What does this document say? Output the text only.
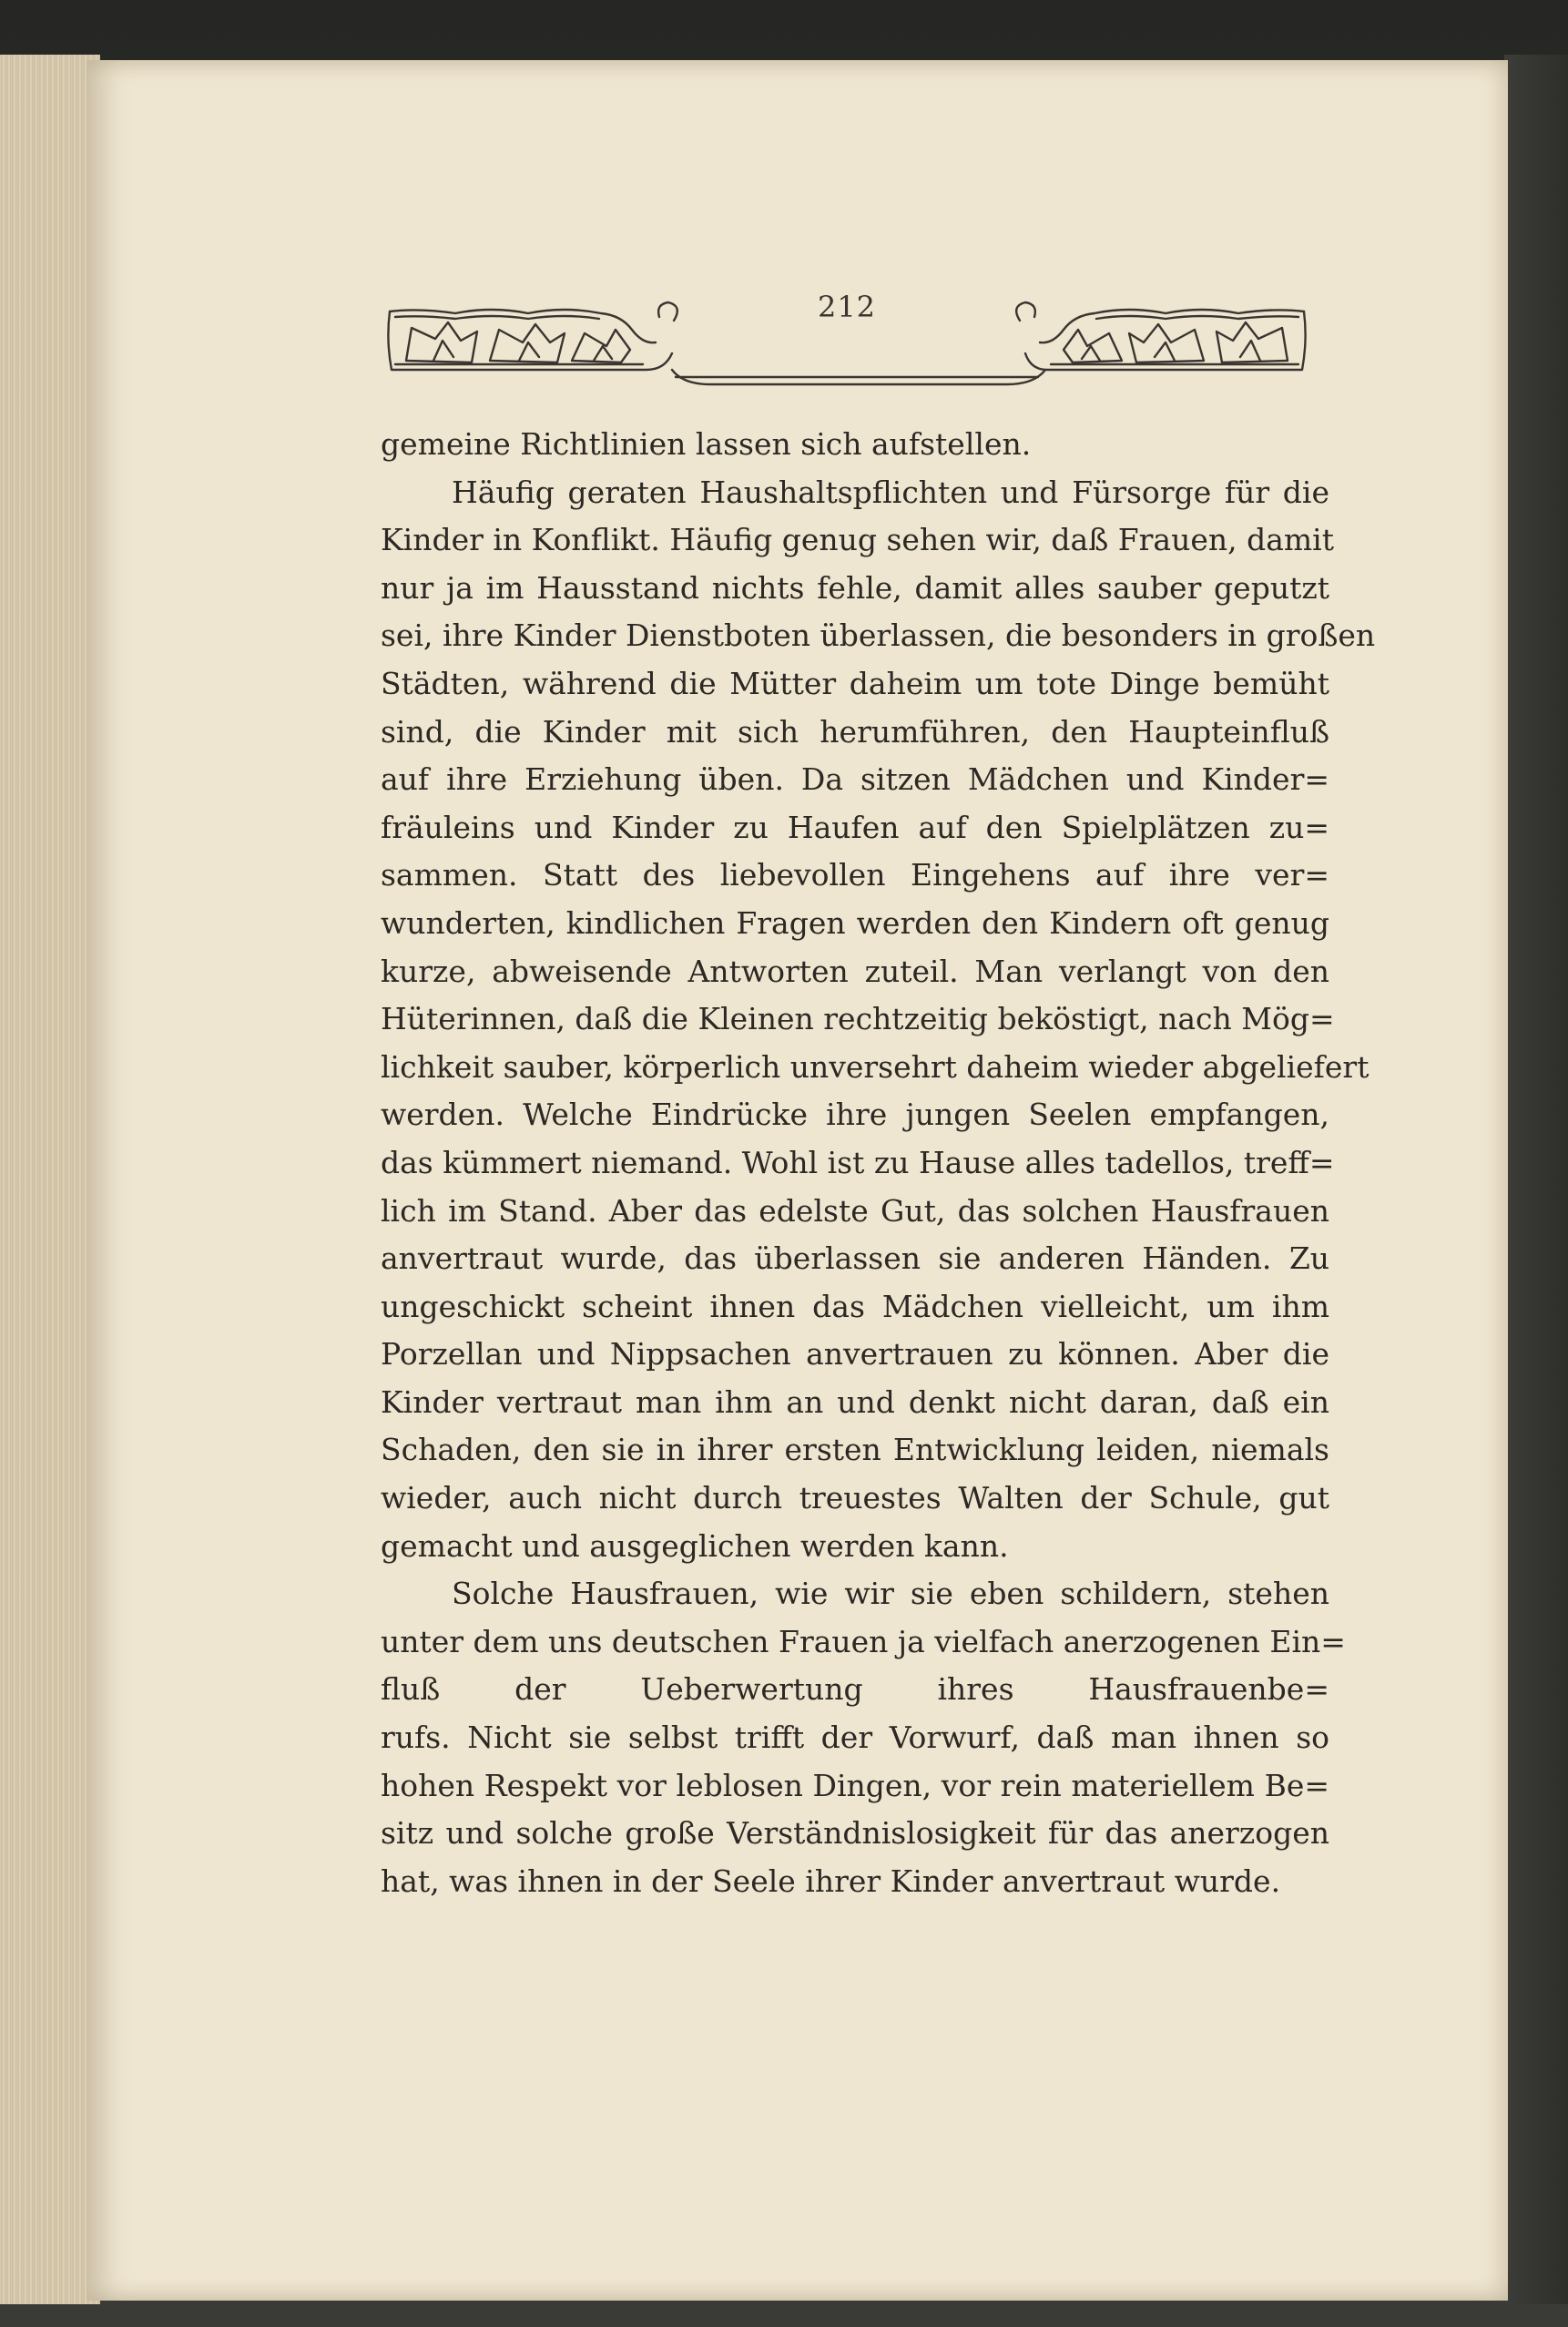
212
gemeine Richtlinien lassen sich aufstellen.
Häufig geraten Haushaltspflichten und Fürsorge für die
Kinder in Konflikt. Häufig genug sehen wir, daß Frauen, damit
nur ja im Hausstand nichts fehle, damit alles sauber geputzt
sei, ihre Kinder Dienstboten überlassen, die besonders in großen
Städten, während die Mütter daheim um tote Dinge bemüht
sind, die Kinder mit sich herumführen, den Haupteinfluß
auf ihre Erziehung üben. Da sitzen Mädchen und Kinder=
fräuleins und Kinder zu Haufen auf den Spielplätzen zu=
sammen. Statt des liebevollen Eingehens auf ihre ver=
wunderten, kindlichen Fragen werden den Kindern oft genug
kurze, abweisende Antworten zuteil. Man verlangt von den
Hüterinnen, daß die Kleinen rechtzeitig beköstigt, nach Mög=
lichkeit sauber, körperlich unversehrt daheim wieder abgeliefert
werden. Welche Eindrücke ihre jungen Seelen empfangen,
das kümmert niemand. Wohl ist zu Hause alles tadellos, treff=
lich im Stand. Aber das edelste Gut, das solchen Hausfrauen
anvertraut wurde, das überlassen sie anderen Händen. Zu
ungeschickt scheint ihnen das Mädchen vielleicht, um ihm
Porzellan und Nippsachen anvertrauen zu können. Aber die
Kinder vertraut man ihm an und denkt nicht daran, daß ein
Schaden, den sie in ihrer ersten Entwicklung leiden, niemals
wieder, auch nicht durch treuestes Walten der Schule, gut
gemacht und ausgeglichen werden kann.
Solche Hausfrauen, wie wir sie eben schildern, stehen
unter dem uns deutschen Frauen ja vielfach anerzogenen Ein=
fluß der Ueberwertung ihres Hausfrauenbe=
rufs. Nicht sie selbst trifft der Vorwurf, daß man ihnen so
hohen Respekt vor leblosen Dingen, vor rein materiellem Be=
sitz und solche große Verständnislosigkeit für das anerzogen
hat, was ihnen in der Seele ihrer Kinder anvertraut wurde.
